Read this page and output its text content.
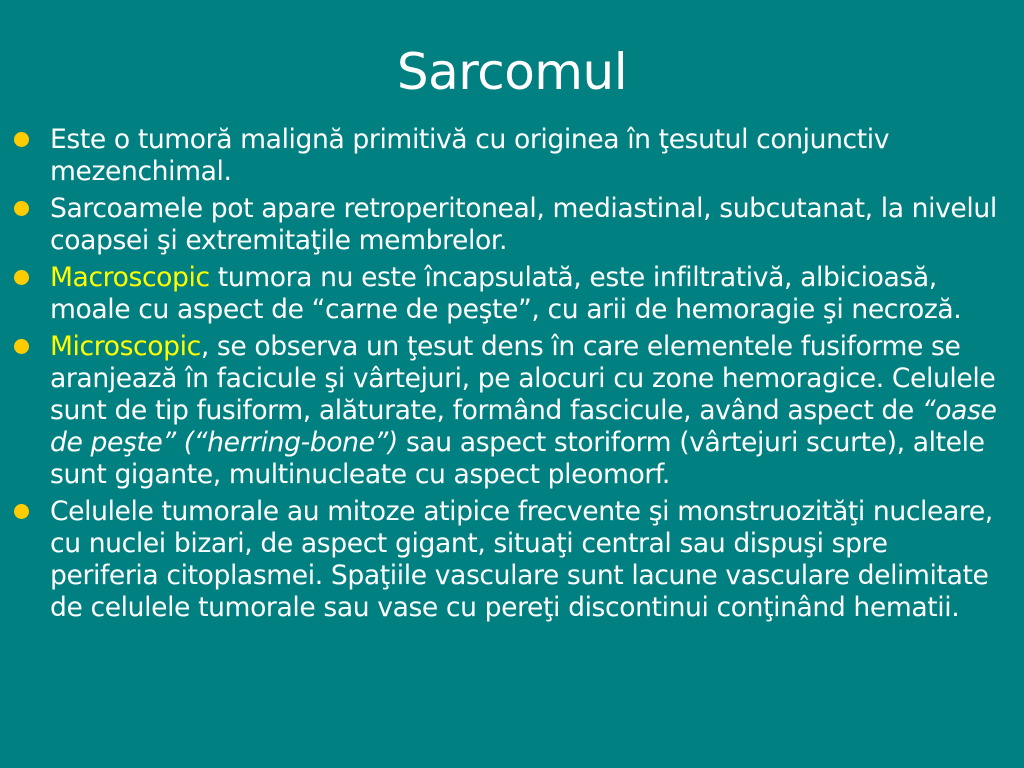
Sarcomul
Este o tumoră malignă primitivă cu originea în ţesutul conjunctiv mezenchimal.
Sarcoamele pot apare retroperitoneal, mediastinal, subcutanat, la nivelul coapsei şi extremitaţile membrelor.
Macroscopic tumora nu este încapsulată, este infiltrativă, albicioasă, moale cu aspect de “carne de peşte”, cu arii de hemoragie şi necroză.
Microscopic, se observa un ţesut dens în care elementele fusiforme se aranjează în facicule şi vârtejuri, pe alocuri cu zone hemoragice. Celulele sunt de tip fusiform, alăturate, formând fascicule, având aspect de “oase de peşte” (“herring-bone”) sau aspect storiform (vârtejuri scurte), altele sunt gigante, multinucleate cu aspect pleomorf.
Celulele tumorale au mitoze atipice frecvente şi monstruozităţi nucleare, cu nuclei bizari, de aspect gigant, situaţi central sau dispuşi spre periferia citoplasmei. Spaţiile vasculare sunt lacune vasculare delimitate de celulele tumorale sau vase cu pereţi discontinui conţinând hematii.
